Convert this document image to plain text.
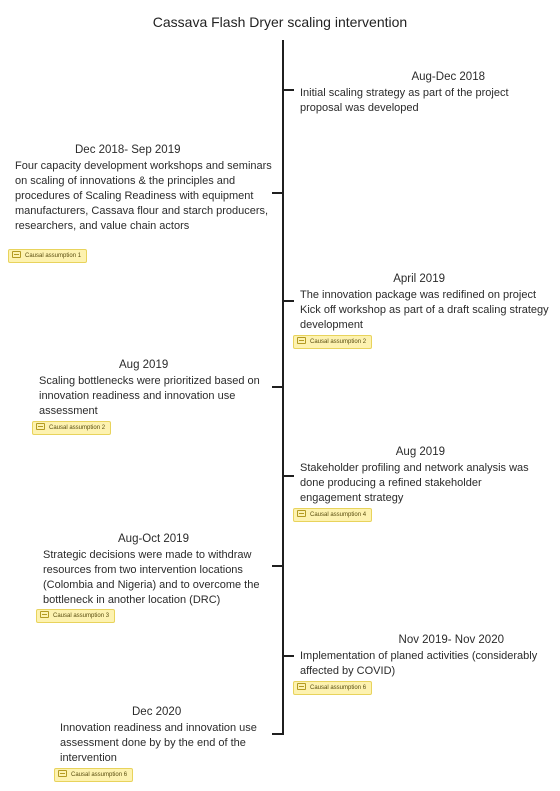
Cassava Flash Dryer scaling intervention
Aug-Dec 2018
Initial scaling strategy as part of the project proposal was developed
Dec 2018- Sep 2019
Four capacity development workshops and seminars on scaling of innovations & the principles and procedures of Scaling Readiness with equipment manufacturers, Cassava flour and starch producers, researchers, and value chain actors
Causal assumption 1
April 2019
The innovation package was redifined on project Kick off workshop as part of a draft scaling strategy development
Causal assumption 2
Aug 2019
Scaling bottlenecks were prioritized based on innovation readiness and innovation use assessment
Causal assumption 2
Aug 2019
Stakeholder profiling and network analysis was done producing a refined stakeholder engagement strategy
Causal assumption 4
Aug-Oct 2019
Strategic decisions were made to withdraw resources from two intervention locations (Colombia and Nigeria) and to overcome the bottleneck in another location (DRC)
Causal assumption 3
Nov 2019- Nov 2020
Implementation of planed activities (considerably affected by COVID)
Causal assumption 6
Dec 2020
Innovation readiness and innovation use assessment done by by the end of the intervention
Causal assumption 6
